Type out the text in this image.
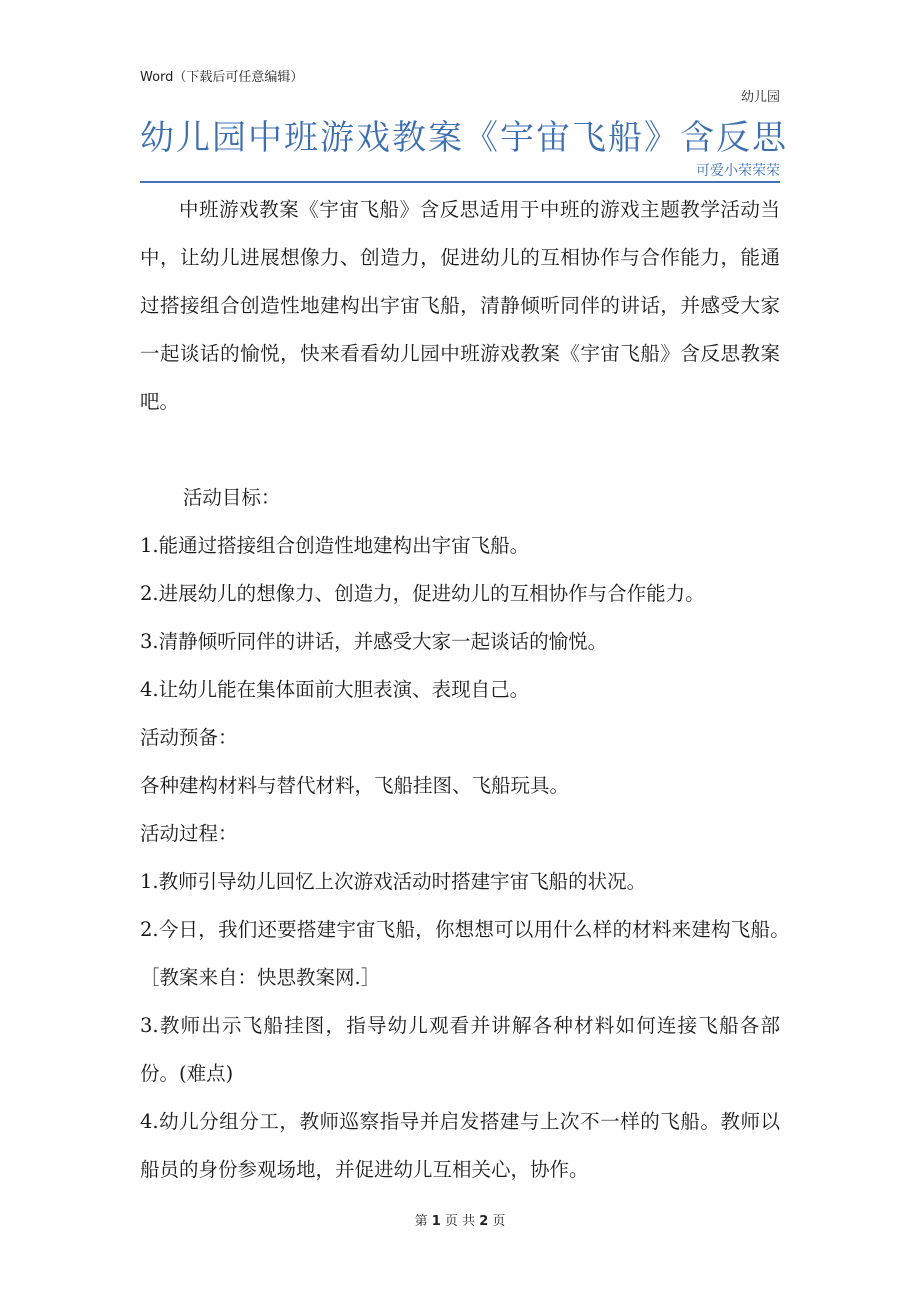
Word（下载后可任意编辑）
幼儿园
幼儿园中班游戏教案《宇宙飞船》含反思
可爱小荣荣荣

中班游戏教案《宇宙飞船》含反思适用于中班的游戏主题教学活动当中，让幼儿进展想像力、创造力，促进幼儿的互相协作与合作能力，能通过搭接组合创造性地建构出宇宙飞船，清静倾听同伴的讲话，并感受大家一起谈话的愉悦，快来看看幼儿园中班游戏教案《宇宙飞船》含反思教案吧。

活动目标：

1.能通过搭接组合创造性地建构出宇宙飞船。

2.进展幼儿的想像力、创造力，促进幼儿的互相协作与合作能力。

3.清静倾听同伴的讲话，并感受大家一起谈话的愉悦。

4.让幼儿能在集体面前大胆表演、表现自己。

活动预备：

各种建构材料与替代材料，飞船挂图、飞船玩具。

活动过程：

1.教师引导幼儿回忆上次游戏活动时搭建宇宙飞船的状况。

2.今日，我们还要搭建宇宙飞船，你想想可以用什么样的材料来建构飞船。　［教案来自：快思教案网.］

3.教师出示飞船挂图，指导幼儿观看并讲解各种材料如何连接飞船各部份。(难点)

4.幼儿分组分工，教师巡察指导并启发搭建与上次不一样的飞船。教师以船员的身份参观场地，并促进幼儿互相关心，协作。

第 1 页 共 2 页
